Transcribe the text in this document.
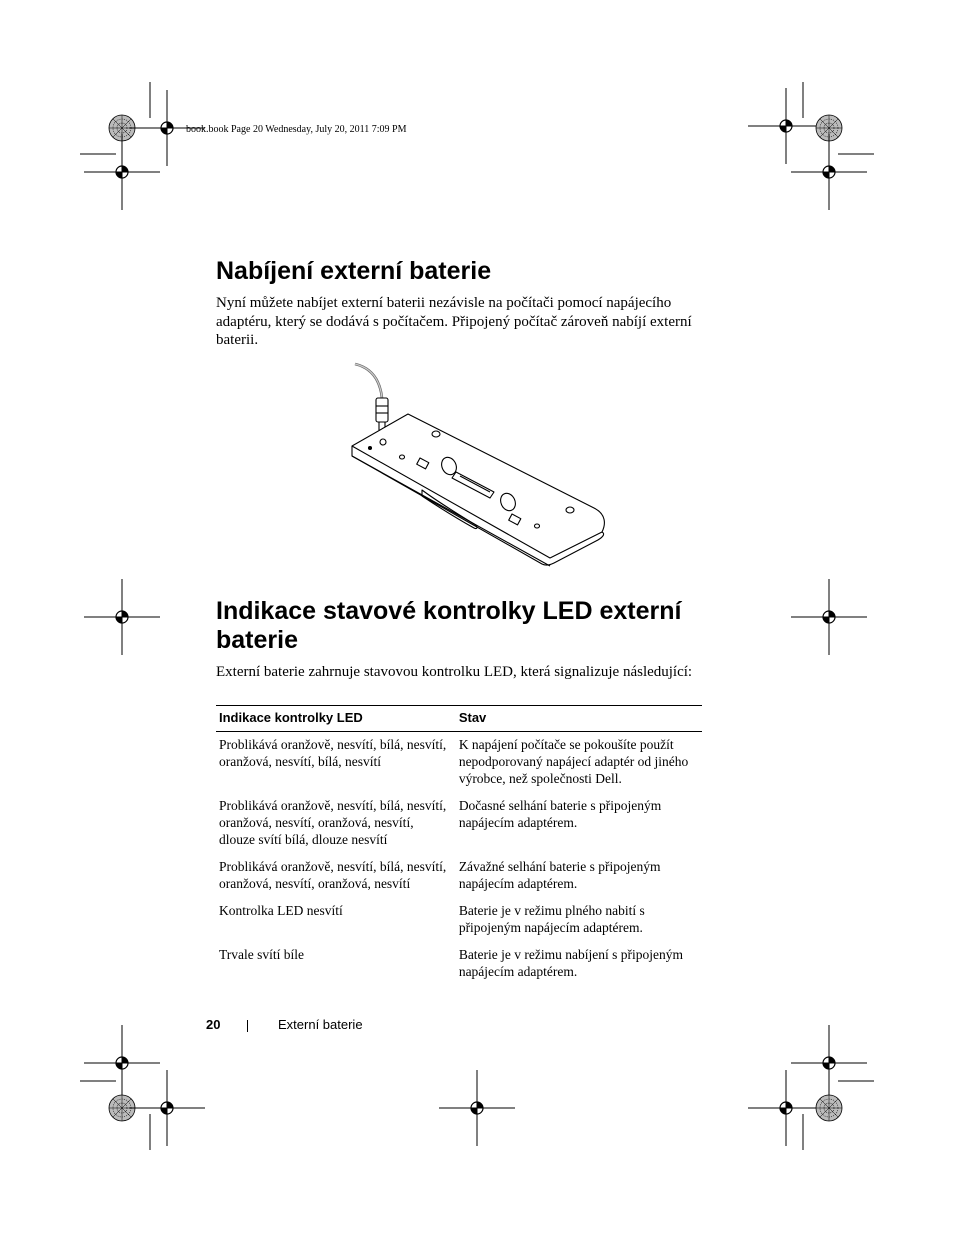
book.book Page 20 Wednesday, July 20, 2011 7:09 PM
Nabíjení externí baterie

Nyní můžete nabíjet externí baterii nezávisle na počítači pomocí napájecího adaptéru, který se dodává s počítačem. Připojený počítač zároveň nabíjí externí baterii.

Indikace stavové kontrolky LED externí baterie

Externí baterie zahrnuje stavovou kontrolku LED, která signalizuje následující:

Indikace kontrolky LED	Stav
Problikává oranžově, nesvítí, bílá, nesvítí, oranžová, nesvítí, bílá, nesvítí	K napájení počítače se pokoušíte použít nepodporovaný napájecí adaptér od jiného výrobce, než společnosti Dell.
Problikává oranžově, nesvítí, bílá, nesvítí, oranžová, nesvítí, oranžová, nesvítí, dlouze svítí bílá, dlouze nesvítí	Dočasné selhání baterie s připojeným napájecím adaptérem.
Problikává oranžově, nesvítí, bílá, nesvítí, oranžová, nesvítí, oranžová, nesvítí	Závažné selhání baterie s připojeným napájecím adaptérem.
Kontrolka LED nesvítí	Baterie je v režimu plného nabití s připojeným napájecím adaptérem.
Trvale svítí bíle	Baterie je v režimu nabíjení s připojeným napájecím adaptérem.
20	Externí baterie
